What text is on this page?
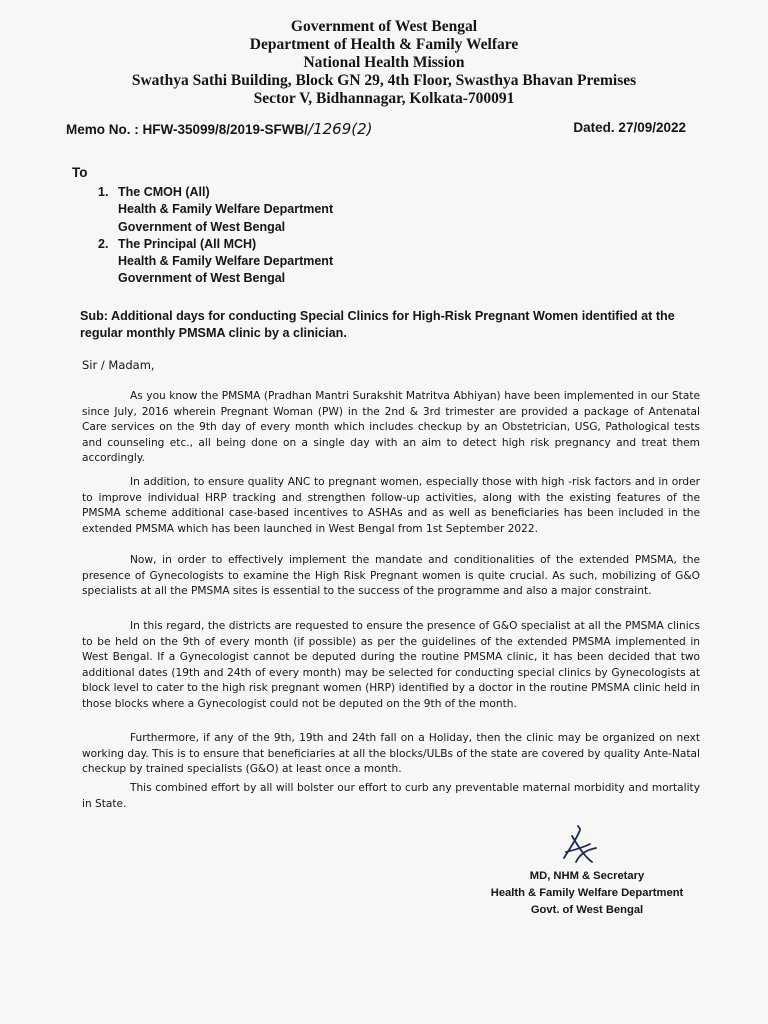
Government of West Bengal
Department of Health & Family Welfare
National Health Mission
Swathya Sathi Building, Block GN 29, 4th Floor, Swasthya Bhavan Premises
Sector V, Bidhannagar, Kolkata-700091
Memo No. : HFW-35099/8/2019-SFWB//1269(2)	Dated. 27/09/2022
To
1. The CMOH (All)
Health & Family Welfare Department
Government of West Bengal
2. The Principal (All MCH)
Health & Family Welfare Department
Government of West Bengal
Sub: Additional days for conducting Special Clinics for High-Risk Pregnant Women identified at the regular monthly PMSMA clinic by a clinician.
Sir / Madam,
As you know the PMSMA (Pradhan Mantri Surakshit Matritva Abhiyan) have been implemented in our State since July, 2016 wherein Pregnant Woman (PW) in the 2nd & 3rd trimester are provided a package of Antenatal Care services on the 9th day of every month which includes checkup by an Obstetrician, USG, Pathological tests and counseling etc., all being done on a single day with an aim to detect high risk pregnancy and treat them accordingly.
In addition, to ensure quality ANC to pregnant women, especially those with high -risk factors and in order to improve individual HRP tracking and strengthen follow-up activities, along with the existing features of the PMSMA scheme additional case-based incentives to ASHAs and as well as beneficiaries has been included in the extended PMSMA which has been launched in West Bengal from 1st September 2022.
Now, in order to effectively implement the mandate and conditionalities of the extended PMSMA, the presence of Gynecologists to examine the High Risk Pregnant women is quite crucial. As such, mobilizing of G&O specialists at all the PMSMA sites is essential to the success of the programme and also a major constraint.
In this regard, the districts are requested to ensure the presence of G&O specialist at all the PMSMA clinics to be held on the 9th of every month (if possible) as per the guidelines of the extended PMSMA implemented in West Bengal. If a Gynecologist cannot be deputed during the routine PMSMA clinic, it has been decided that two additional dates (19th and 24th of every month) may be selected for conducting special clinics by Gynecologists at block level to cater to the high risk pregnant women (HRP) identified by a doctor in the routine PMSMA clinic held in those blocks where a Gynecologist could not be deputed on the 9th of the month.
Furthermore, if any of the 9th, 19th and 24th fall on a Holiday, then the clinic may be organized on next working day. This is to ensure that beneficiaries at all the blocks/ULBs of the state are covered by quality Ante-Natal checkup by trained specialists (G&O) at least once a month.
This combined effort by all will bolster our effort to curb any preventable maternal morbidity and mortality in State.
MD, NHM & Secretary
Health & Family Welfare Department
Govt. of West Bengal
